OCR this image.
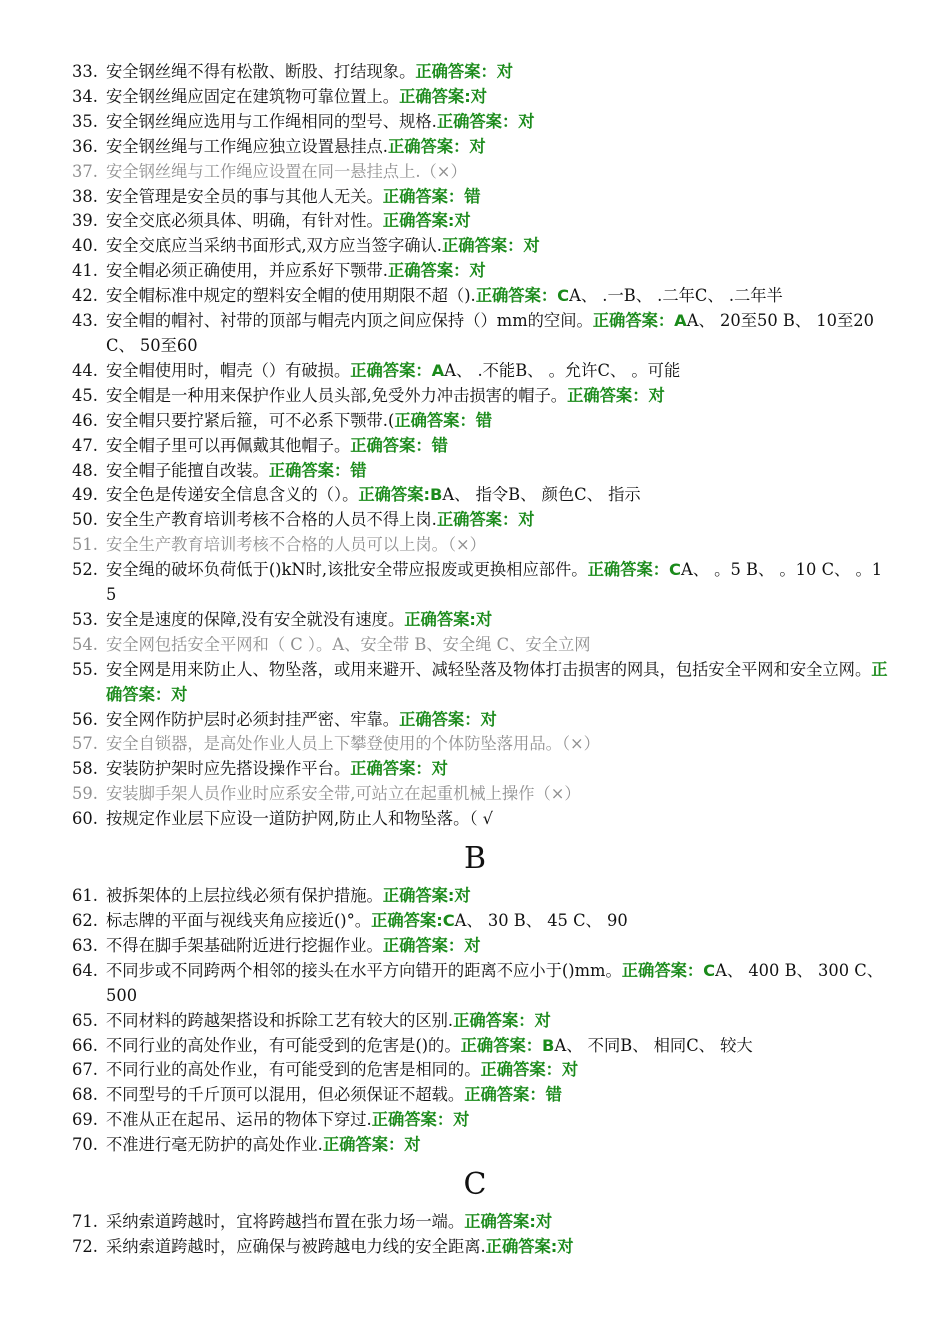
33. 安全钢丝绳不得有松散、断股、打结现象。正确答案：对
34. 安全钢丝绳应固定在建筑物可靠位置上。正确答案:对
35. 安全钢丝绳应选用与工作绳相同的型号、规格.正确答案：对
36. 安全钢丝绳与工作绳应独立设置悬挂点.正确答案：对
37. 安全钢丝绳与工作绳应设置在同一悬挂点上.（×）
38. 安全管理是安全员的事与其他人无关。正确答案：错
39. 安全交底必须具体、明确，有针对性。正确答案:对
40. 安全交底应当采纳书面形式,双方应当签字确认.正确答案：对
41. 安全帽必须正确使用，并应系好下颚带.正确答案：对
42. 安全帽标准中规定的塑料安全帽的使用期限不超（).正确答案：CA、 .一B、 .二年C、 .二年半
43. 安全帽的帽衬、衬带的顶部与帽壳内顶之间应保持（）mm的空间。正确答案：AA、 20至50 B、 10至20 C、 50至60
44. 安全帽使用时，帽壳（）有破损。正确答案：AA、 .不能B、 。允许C、 。可能
45. 安全帽是一种用来保护作业人员头部,免受外力冲击损害的帽子。正确答案：对
46. 安全帽只要拧紧后箍，可不必系下颚带.(正确答案：错
47. 安全帽子里可以再佩戴其他帽子。正确答案：错
48. 安全帽子能擅自改装。正确答案：错
49. 安全色是传递安全信息含义的（）。正确答案:BA、 指令B、 颜色C、 指示
50. 安全生产教育培训考核不合格的人员不得上岗.正确答案：对
51. 安全生产教育培训考核不合格的人员可以上岗。（×）
52. 安全绳的破坏负荷低于()kN时,该批安全带应报废或更换相应部件。正确答案：CA、 。5 B、 。10 C、 。15
53. 安全是速度的保障,没有安全就没有速度。正确答案:对
54. 安全网包括安全平网和（ C ）。A、安全带 B、安全绳 C、安全立网
55. 安全网是用来防止人、物坠落，或用来避开、减轻坠落及物体打击损害的网具，包括安全平网和安全立网。正确答案：对
56. 安全网作防护层时必须封挂严密、牢靠。正确答案：对
57. 安全自锁器，是高处作业人员上下攀登使用的个体防坠落用品。（×）
58. 安装防护架时应先搭设操作平台。正确答案：对
59. 安装脚手架人员作业时应系安全带,可站立在起重机械上操作（×）
60. 按规定作业层下应设一道防护网,防止人和物坠落。（ √
B
61. 被拆架体的上层拉线必须有保护措施。正确答案:对
62. 标志牌的平面与视线夹角应接近()°。正确答案:CA、 30 B、 45 C、 90
63. 不得在脚手架基础附近进行挖掘作业。正确答案：对
64. 不同步或不同跨两个相邻的接头在水平方向错开的距离不应小于()mm。正确答案：CA、 400 B、 300 C、 500
65. 不同材料的跨越架搭设和拆除工艺有较大的区别.正确答案：对
66. 不同行业的高处作业，有可能受到的危害是()的。正确答案：BA、 不同B、 相同C、 较大
67. 不同行业的高处作业，有可能受到的危害是相同的。正确答案：对
68. 不同型号的千斤顶可以混用，但必须保证不超载。正确答案：错
69. 不准从正在起吊、运吊的物体下穿过.正确答案：对
70. 不准进行毫无防护的高处作业.正确答案：对
C
71. 采纳索道跨越时，宜将跨越挡布置在张力场一端。正确答案:对
72. 采纳索道跨越时，应确保与被跨越电力线的安全距离.正确答案:对
